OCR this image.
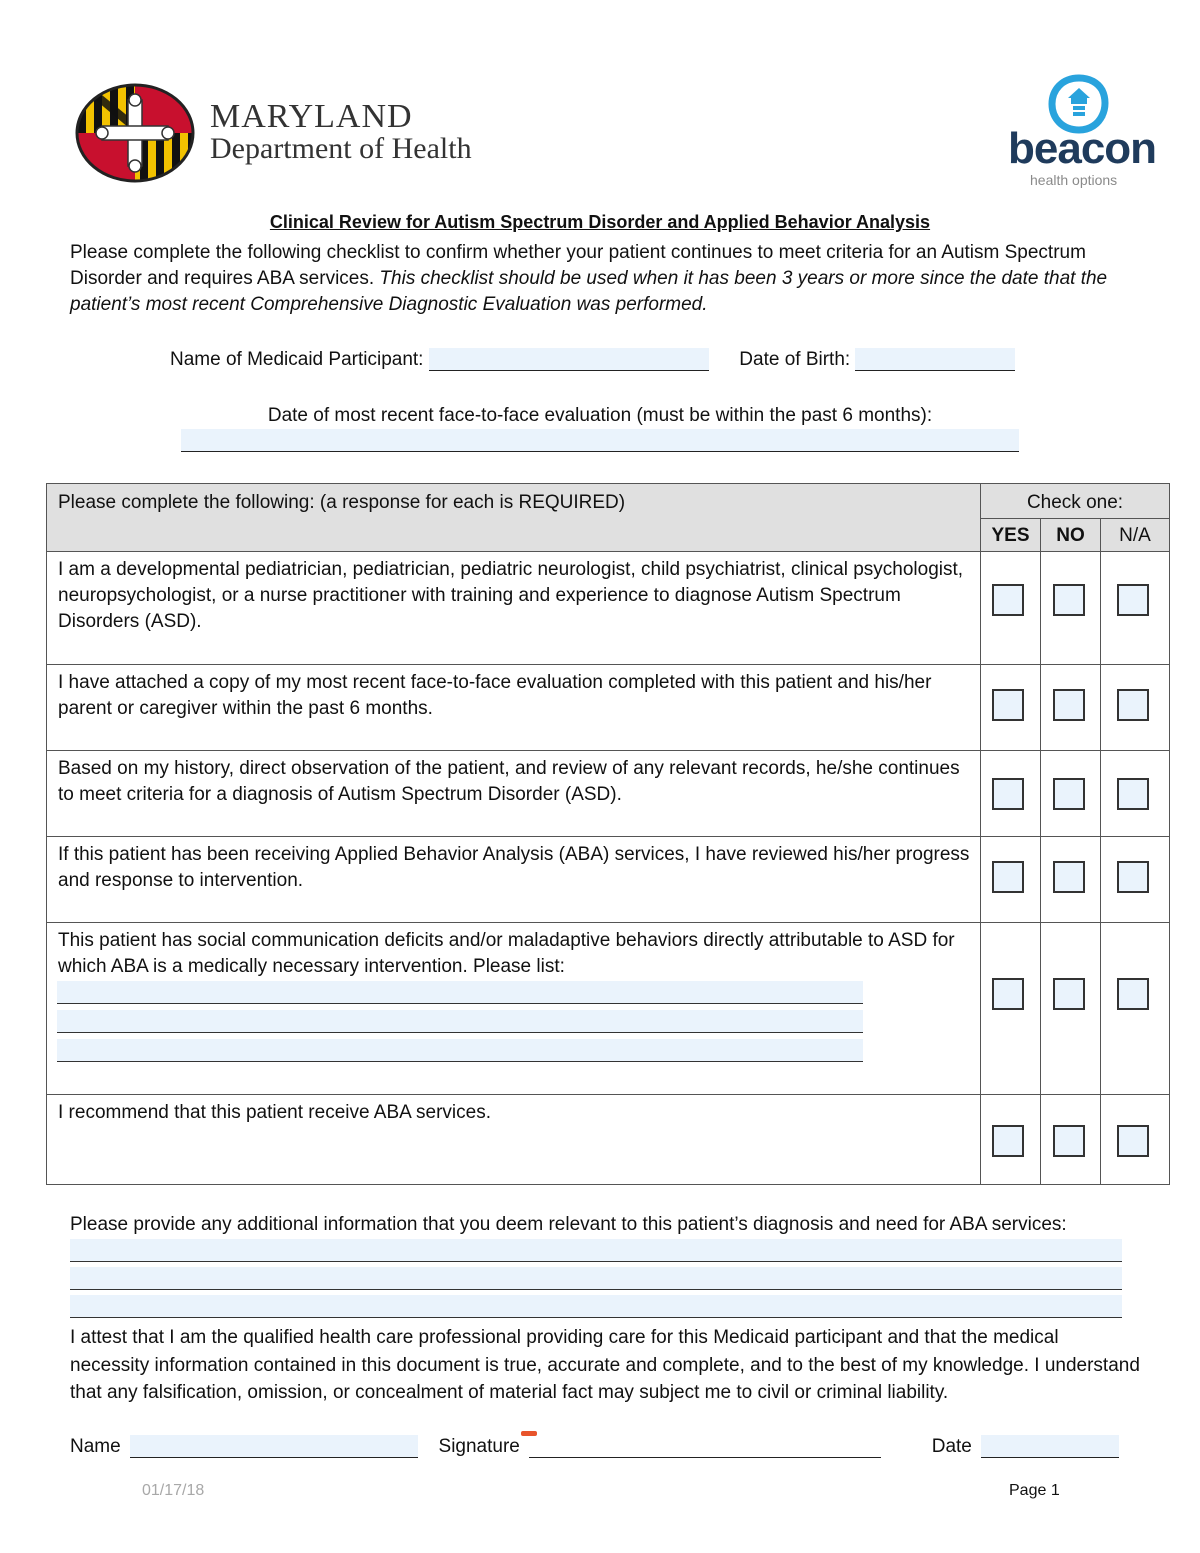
MARYLAND
Department of Health	beacon
health options
Clinical Review for Autism Spectrum Disorder and Applied Behavior Analysis
Please complete the following checklist to confirm whether your patient continues to meet criteria for an Autism Spectrum Disorder and requires ABA services. This checklist should be used when it has been 3 years or more since the date that the patient’s most recent Comprehensive Diagnostic Evaluation was performed.
Name of Medicaid Participant:	Date of Birth:
Date of most recent face-to-face evaluation (must be within the past 6 months):
Please complete the following: (a response for each is REQUIRED)	Check one:
YES	NO	N/A
I am a developmental pediatrician, pediatrician, pediatric neurologist, child psychiatrist, clinical psychologist, neuropsychologist, or a nurse practitioner with training and experience to diagnose Autism Spectrum Disorders (ASD).
I have attached a copy of my most recent face-to-face evaluation completed with this patient and his/her parent or caregiver within the past 6 months.
Based on my history, direct observation of the patient, and review of any relevant records, he/she continues to meet criteria for a diagnosis of Autism Spectrum Disorder (ASD).
If this patient has been receiving Applied Behavior Analysis (ABA) services, I have reviewed his/her progress and response to intervention.
This patient has social communication deficits and/or maladaptive behaviors directly attributable to ASD for which ABA is a medically necessary intervention. Please list:
I recommend that this patient receive ABA services.
Please provide any additional information that you deem relevant to this patient’s diagnosis and need for ABA services:
I attest that I am the qualified health care professional providing care for this Medicaid participant and that the medical necessity information contained in this document is true, accurate and complete, and to the best of my knowledge. I understand that any falsification, omission, or concealment of material fact may subject me to civil or criminal liability.
Name	Signature	Date
01/17/18	Page 1
